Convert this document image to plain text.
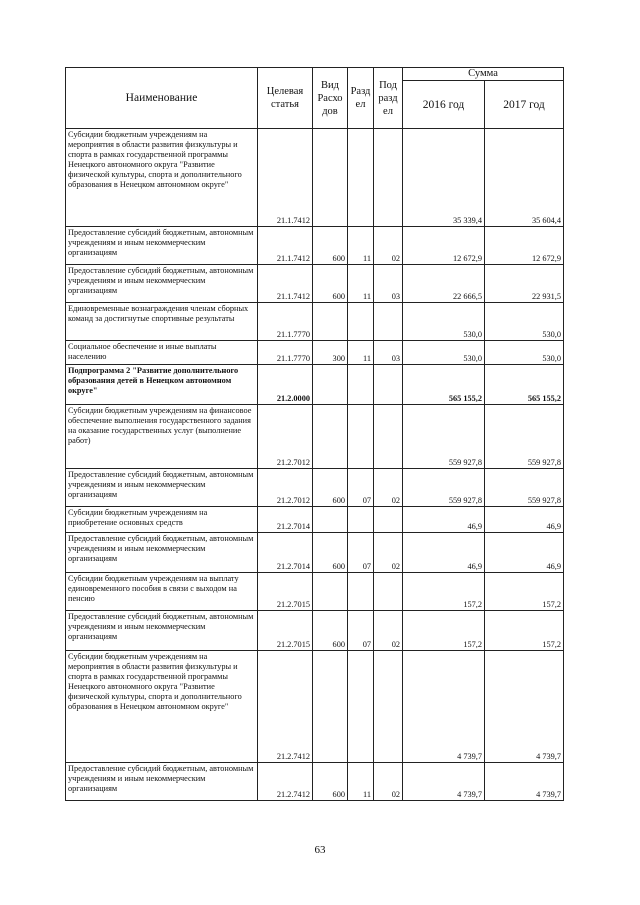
Наименование	Целевая статья	Вид Расхо дов	Разд ел	Под разд ел	Сумма	
					2016 год	2017 год
Субсидии бюджетным учреждениям на мероприятия в области развития физкультуры и спорта в рамках государственной программы Ненецкого автономного округа "Развитие физической культуры, спорта и дополнительного образования в Ненецком автономном округе"	21.1.7412				35 339,4	35 604,4
Предоставление субсидий бюджетным, автономным учреждениям и иным некоммерческим организациям	21.1.7412	600	11	02	12 672,9	12 672,9
Предоставление субсидий бюджетным, автономным учреждениям и иным некоммерческим организациям	21.1.7412	600	11	03	22 666,5	22 931,5
Единовременные вознаграждения членам сборных команд за достигнутые спортивные результаты	21.1.7770				530,0	530,0
Социальное обеспечение и иные выплаты населению	21.1.7770	300	11	03	530,0	530,0
Подпрограмма 2 "Развитие дополнительного образования детей в Ненецком автономном округе"	21.2.0000				565 155,2	565 155,2
Субсидии бюджетным учреждениям на финансовое обеспечение выполнения государственного задания на оказание государственных услуг (выполнение работ)	21.2.7012				559 927,8	559 927,8
Предоставление субсидий бюджетным, автономным учреждениям и иным некоммерческим организациям	21.2.7012	600	07	02	559 927,8	559 927,8
Субсидии бюджетным учреждениям на приобретение основных средств	21.2.7014				46,9	46,9
Предоставление субсидий бюджетным, автономным учреждениям и иным некоммерческим организациям	21.2.7014	600	07	02	46,9	46,9
Субсидии бюджетным учреждениям на выплату единовременного пособия в связи с выходом на пенсию	21.2.7015				157,2	157,2
Предоставление субсидий бюджетным, автономным учреждениям и иным некоммерческим организациям	21.2.7015	600	07	02	157,2	157,2
Субсидии бюджетным учреждениям на мероприятия в области развития физкультуры и спорта в рамках государственной программы Ненецкого автономного округа "Развитие физической культуры, спорта и дополнительного образования в Ненецком автономном округе"	21.2.7412				4 739,7	4 739,7
Предоставление субсидий бюджетным, автономным учреждениям и иным некоммерческим организациям	21.2.7412	600	11	02	4 739,7	4 739,7
63
